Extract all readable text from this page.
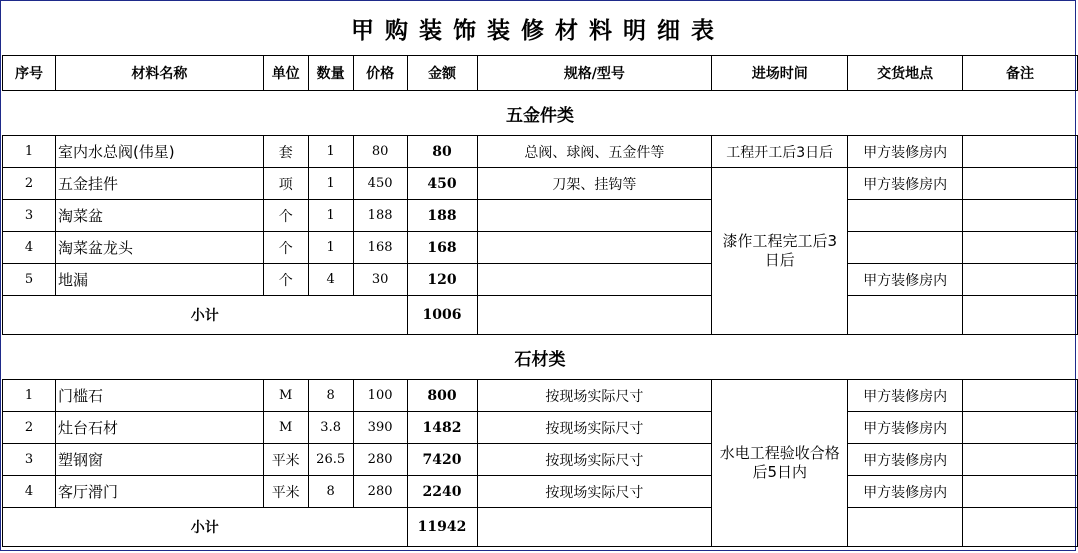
甲购装饰装修材料明细表
序号	材料名称	单位	数量	价格	金额	规格/型号	进场时间	交货地点	备注
五金件类									
1	室内水总阀(伟星)	套	1	80	80	总阀、球阀、五金件等	工程开工后3日后	甲方装修房内	
2	五金挂件	项	1	450	450	刀架、挂钩等	漆作工程完工后3日后	甲方装修房内	
3	淘菜盆	个	1	188	188				
4	淘菜盆龙头	个	1	168	168				
5	地漏	个	4	30	120			甲方装修房内	
小计					1006				
石材类									
1	门槛石	M	8	100	800	按现场实际尺寸	水电工程验收合格后5日内	甲方装修房内	
2	灶台石材	M	3.8	390	1482	按现场实际尺寸		甲方装修房内	
3	塑钢窗	平米	26.5	280	7420	按现场实际尺寸		甲方装修房内	
4	客厅滑门	平米	8	280	2240	按现场实际尺寸		甲方装修房内	
小计					11942				
